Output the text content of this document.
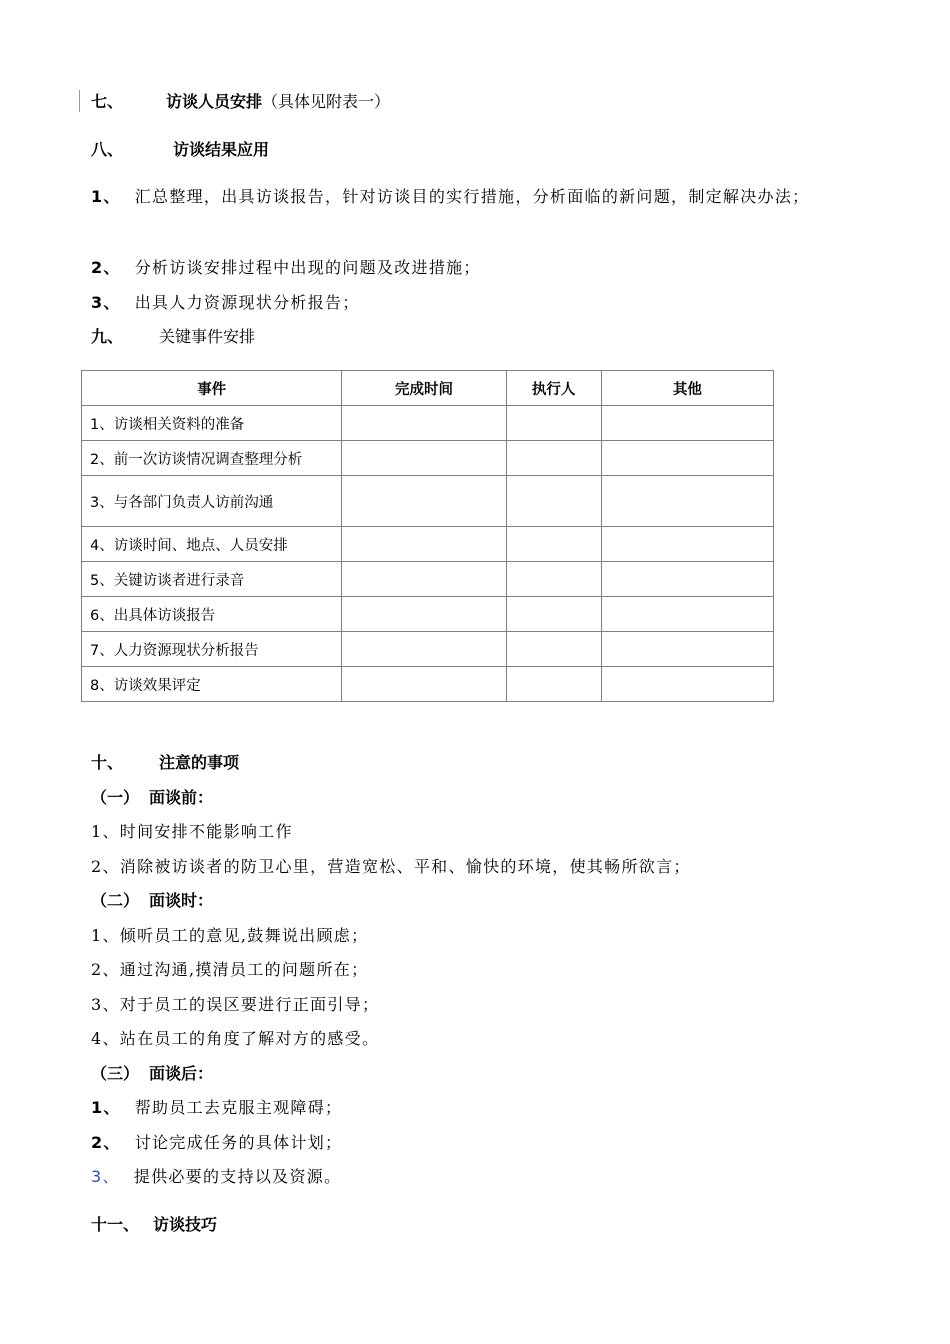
七、	访谈人员安排（具体见附表一）
八、	访谈结果应用
1、 汇总整理，出具访谈报告，针对访谈目的实行措施，分析面临的新问题，制定解决办法；
2、 分析访谈安排过程中出现的问题及改进措施；
3、 出具人力资源现状分析报告；
九、 关键事件安排
事件	完成时间	执行人	其他
1、访谈相关资料的准备			
2、前一次访谈情况调查整理分析			
3、与各部门负责人访前沟通			
4、访谈时间、地点、人员安排			
5、关键访谈者进行录音			
6、出具体访谈报告			
7、人力资源现状分析报告			
8、访谈效果评定			
十、 注意的事项
（一） 面谈前：
1、时间安排不能影响工作
2、消除被访谈者的防卫心里，营造宽松、平和、愉快的环境，使其畅所欲言；
（二） 面谈时：
1、倾听员工的意见,鼓舞说出顾虑；
2、通过沟通,摸清员工的问题所在；
3、对于员工的误区要进行正面引导；
4、站在员工的角度了解对方的感受。
（三） 面谈后：
1、 帮助员工去克服主观障碍；
2、 讨论完成任务的具体计划；
3、 提供必要的支持以及资源。
十一、 访谈技巧
